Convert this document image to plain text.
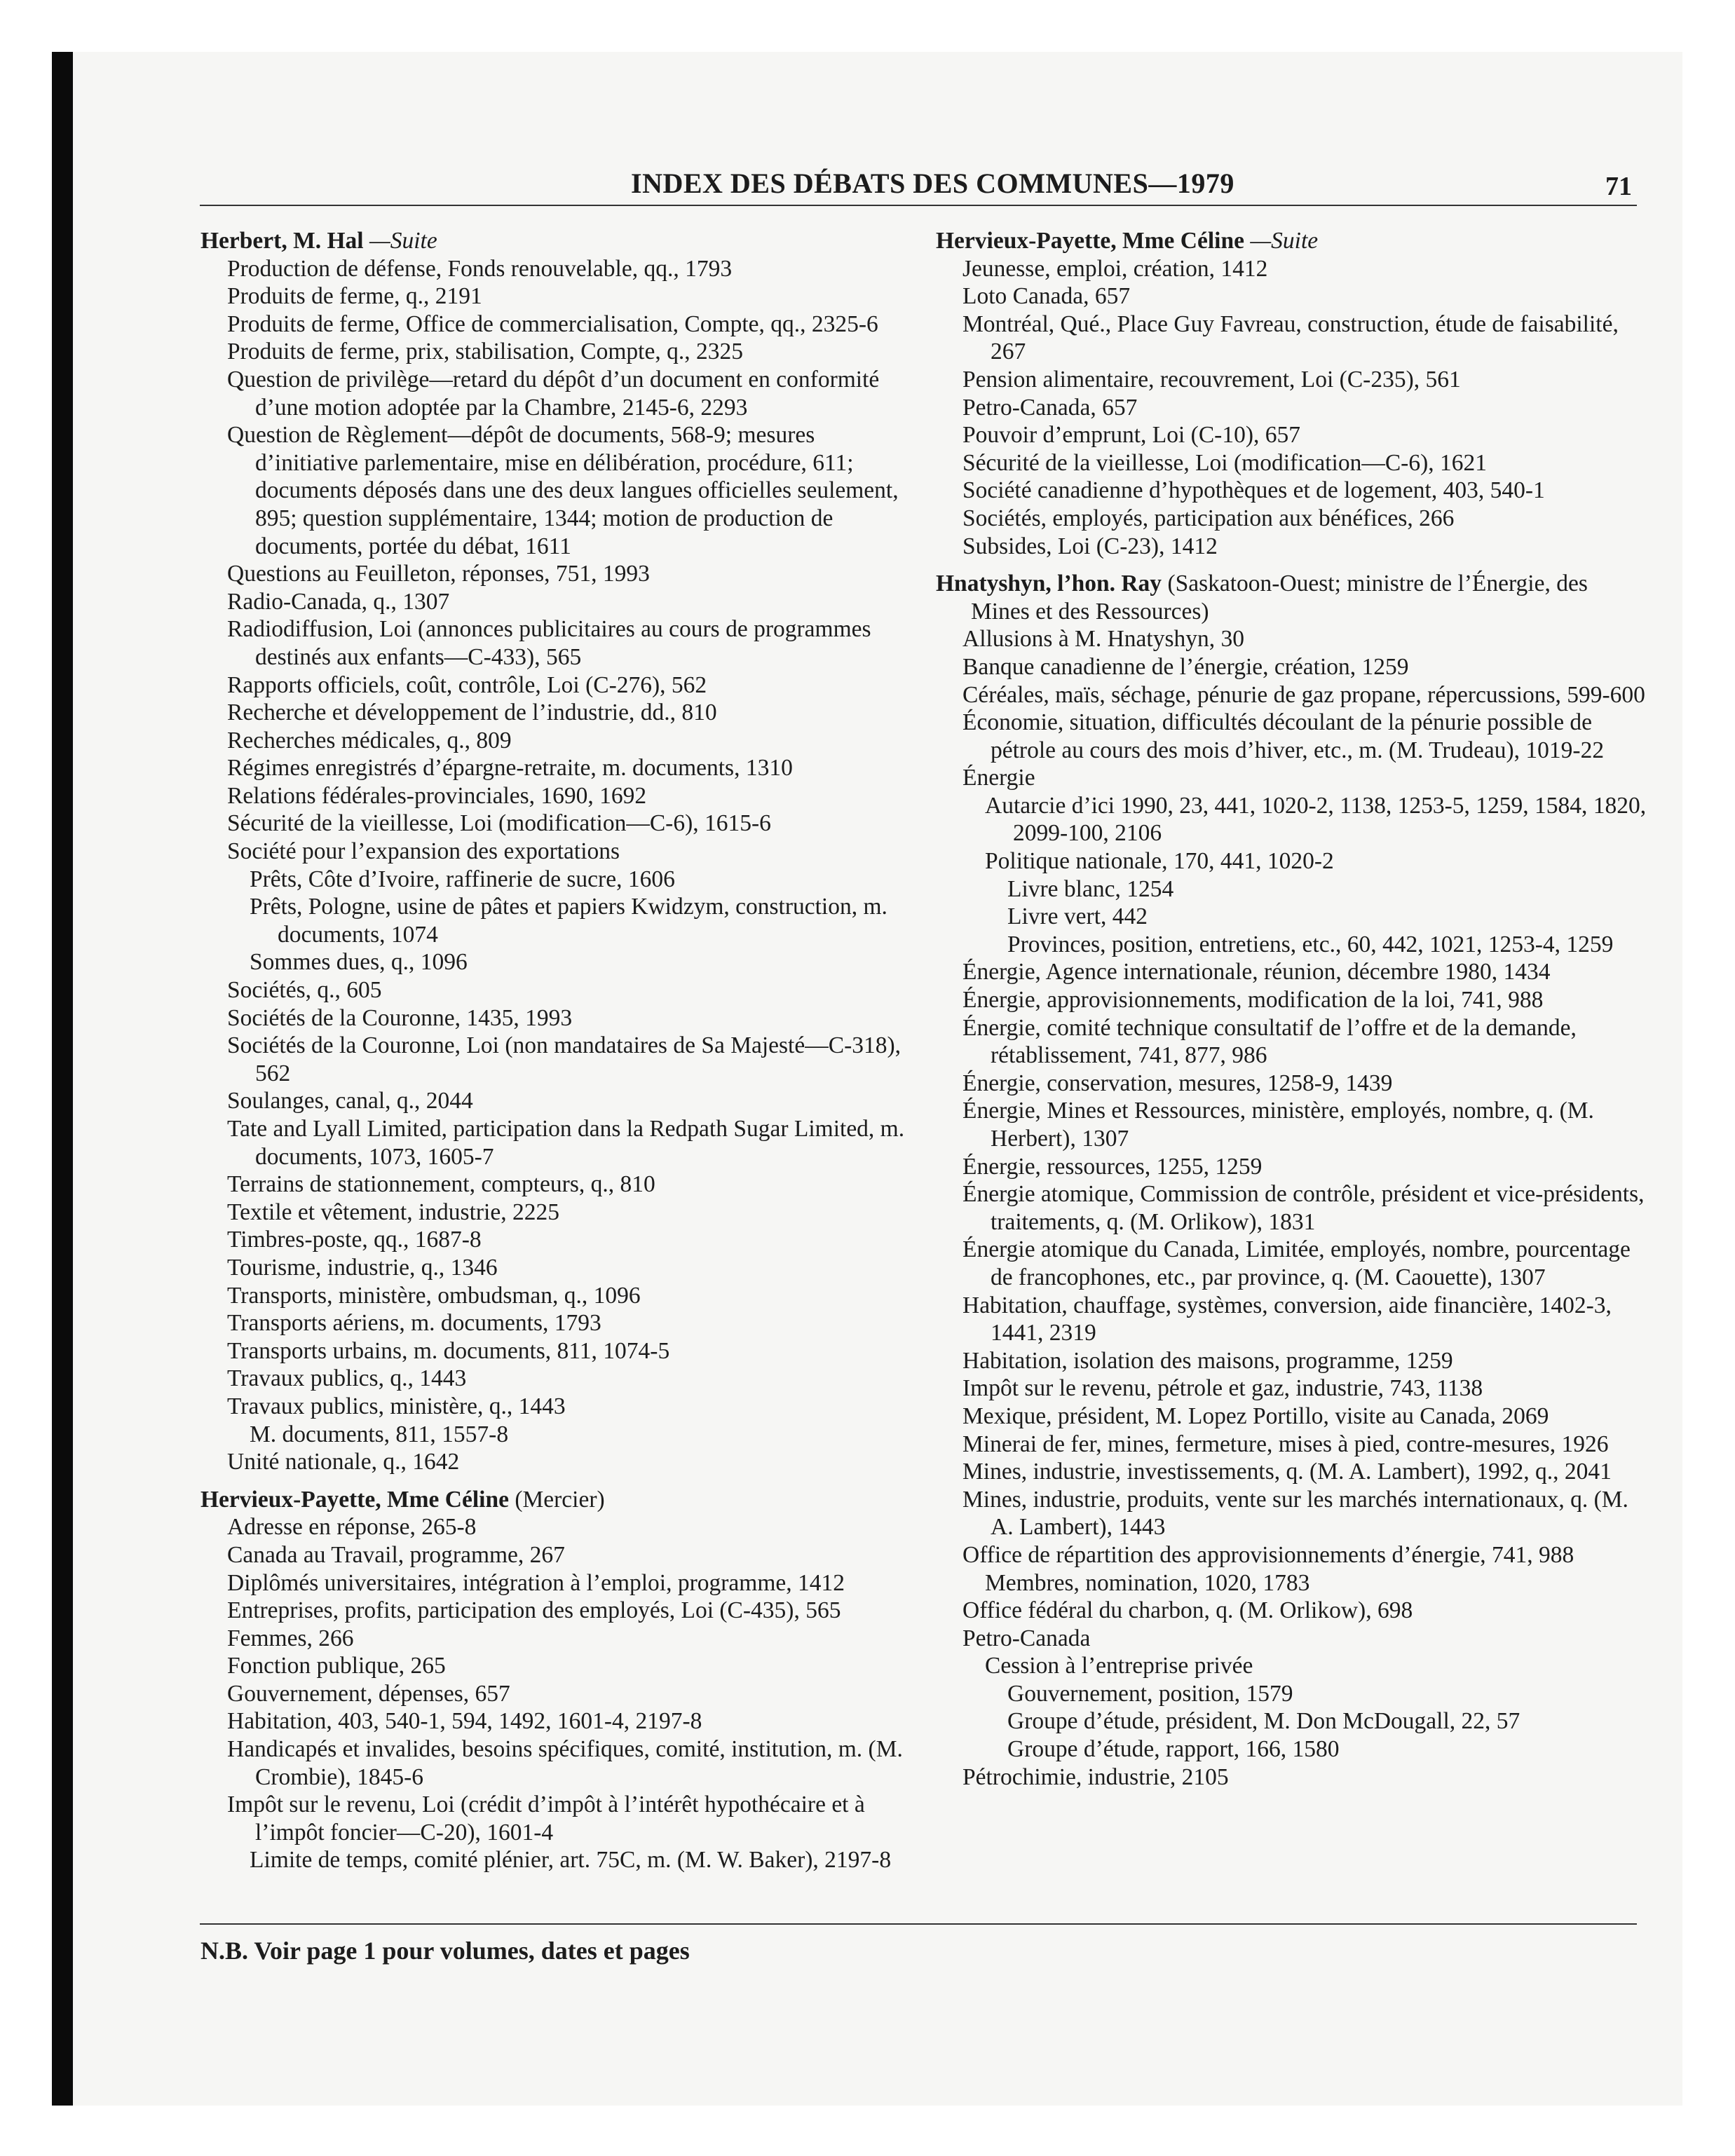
INDEX DES DÉBATS DES COMMUNES—1979	71
Herbert, M. Hal —Suite
Production de défense, Fonds renouvelable, qq., 1793
Produits de ferme, q., 2191
Produits de ferme, Office de commercialisation, Compte, qq., 2325-6
Produits de ferme, prix, stabilisation, Compte, q., 2325
Question de privilège—retard du dépôt d’un document en conformité d’une motion adoptée par la Chambre, 2145-6, 2293
Question de Règlement—dépôt de documents, 568-9; mesures d’initiative parlementaire, mise en délibération, procédure, 611; documents déposés dans une des deux langues officielles seulement, 895; question supplémentaire, 1344; motion de production de documents, portée du débat, 1611
Questions au Feuilleton, réponses, 751, 1993
Radio-Canada, q., 1307
Radiodiffusion, Loi (annonces publicitaires au cours de programmes destinés aux enfants—C-433), 565
Rapports officiels, coût, contrôle, Loi (C-276), 562
Recherche et développement de l’industrie, dd., 810
Recherches médicales, q., 809
Régimes enregistrés d’épargne-retraite, m. documents, 1310
Relations fédérales-provinciales, 1690, 1692
Sécurité de la vieillesse, Loi (modification—C-6), 1615-6
Société pour l’expansion des exportations
Prêts, Côte d’Ivoire, raffinerie de sucre, 1606
Prêts, Pologne, usine de pâtes et papiers Kwidzym, construction, m. documents, 1074
Sommes dues, q., 1096
Sociétés, q., 605
Sociétés de la Couronne, 1435, 1993
Sociétés de la Couronne, Loi (non mandataires de Sa Majesté—C-318), 562
Soulanges, canal, q., 2044
Tate and Lyall Limited, participation dans la Redpath Sugar Limited, m. documents, 1073, 1605-7
Terrains de stationnement, compteurs, q., 810
Textile et vêtement, industrie, 2225
Timbres-poste, qq., 1687-8
Tourisme, industrie, q., 1346
Transports, ministère, ombudsman, q., 1096
Transports aériens, m. documents, 1793
Transports urbains, m. documents, 811, 1074-5
Travaux publics, q., 1443
Travaux publics, ministère, q., 1443
M. documents, 811, 1557-8
Unité nationale, q., 1642
Hervieux-Payette, Mme Céline (Mercier)
Adresse en réponse, 265-8
Canada au Travail, programme, 267
Diplômés universitaires, intégration à l’emploi, programme, 1412
Entreprises, profits, participation des employés, Loi (C-435), 565
Femmes, 266
Fonction publique, 265
Gouvernement, dépenses, 657
Habitation, 403, 540-1, 594, 1492, 1601-4, 2197-8
Handicapés et invalides, besoins spécifiques, comité, institution, m. (M. Crombie), 1845-6
Impôt sur le revenu, Loi (crédit d’impôt à l’intérêt hypothécaire et à l’impôt foncier—C-20), 1601-4
Limite de temps, comité plénier, art. 75C, m. (M. W. Baker), 2197-8
Hervieux-Payette, Mme Céline —Suite
Jeunesse, emploi, création, 1412
Loto Canada, 657
Montréal, Qué., Place Guy Favreau, construction, étude de faisabilité, 267
Pension alimentaire, recouvrement, Loi (C-235), 561
Petro-Canada, 657
Pouvoir d’emprunt, Loi (C-10), 657
Sécurité de la vieillesse, Loi (modification—C-6), 1621
Société canadienne d’hypothèques et de logement, 403, 540-1
Sociétés, employés, participation aux bénéfices, 266
Subsides, Loi (C-23), 1412
Hnatyshyn, l’hon. Ray (Saskatoon-Ouest; ministre de l’Énergie, des Mines et des Ressources)
Allusions à M. Hnatyshyn, 30
Banque canadienne de l’énergie, création, 1259
Céréales, maïs, séchage, pénurie de gaz propane, répercussions, 599-600
Économie, situation, difficultés découlant de la pénurie possible de pétrole au cours des mois d’hiver, etc., m. (M. Trudeau), 1019-22
Énergie
Autarcie d’ici 1990, 23, 441, 1020-2, 1138, 1253-5, 1259, 1584, 1820, 2099-100, 2106
Politique nationale, 170, 441, 1020-2
Livre blanc, 1254
Livre vert, 442
Provinces, position, entretiens, etc., 60, 442, 1021, 1253-4, 1259
Énergie, Agence internationale, réunion, décembre 1980, 1434
Énergie, approvisionnements, modification de la loi, 741, 988
Énergie, comité technique consultatif de l’offre et de la demande, rétablissement, 741, 877, 986
Énergie, conservation, mesures, 1258-9, 1439
Énergie, Mines et Ressources, ministère, employés, nombre, q. (M. Herbert), 1307
Énergie, ressources, 1255, 1259
Énergie atomique, Commission de contrôle, président et vice-présidents, traitements, q. (M. Orlikow), 1831
Énergie atomique du Canada, Limitée, employés, nombre, pourcentage de francophones, etc., par province, q. (M. Caouette), 1307
Habitation, chauffage, systèmes, conversion, aide financière, 1402-3, 1441, 2319
Habitation, isolation des maisons, programme, 1259
Impôt sur le revenu, pétrole et gaz, industrie, 743, 1138
Mexique, président, M. Lopez Portillo, visite au Canada, 2069
Minerai de fer, mines, fermeture, mises à pied, contre-mesures, 1926
Mines, industrie, investissements, q. (M. A. Lambert), 1992, q., 2041
Mines, industrie, produits, vente sur les marchés internationaux, q. (M. A. Lambert), 1443
Office de répartition des approvisionnements d’énergie, 741, 988
Membres, nomination, 1020, 1783
Office fédéral du charbon, q. (M. Orlikow), 698
Petro-Canada
Cession à l’entreprise privée
Gouvernement, position, 1579
Groupe d’étude, président, M. Don McDougall, 22, 57
Groupe d’étude, rapport, 166, 1580
Pétrochimie, industrie, 2105
N.B. Voir page 1 pour volumes, dates et pages
